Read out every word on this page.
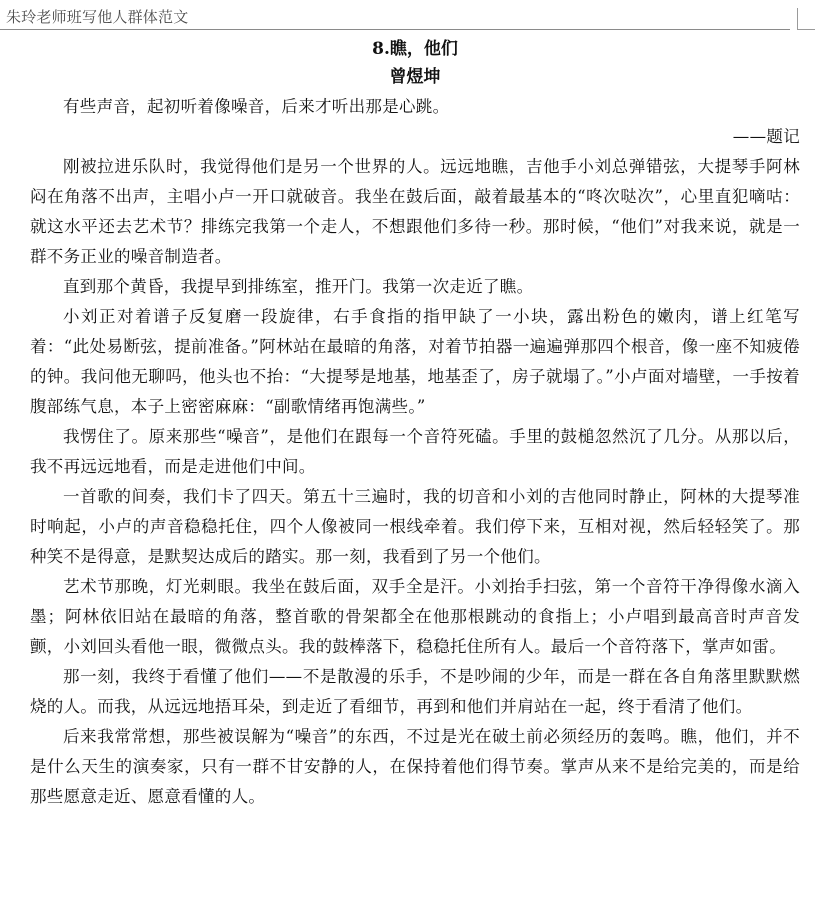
朱玲老师班写他人群体范文

8.瞧，他们

曾煜坤

有些声音，起初听着像噪音，后来才听出那是心跳。

——题记

刚被拉进乐队时，我觉得他们是另一个世界的人。远远地瞧，吉他手小刘总弹错弦，大提琴手阿林闷在角落不出声，主唱小卢一开口就破音。我坐在鼓后面，敲着最基本的“咚次哒次”，心里直犯嘀咕：就这水平还去艺术节？排练完我第一个走人，不想跟他们多待一秒。那时候，“他们”对我来说，就是一群不务正业的噪音制造者。

直到那个黄昏，我提早到排练室，推开门。我第一次走近了瞧。

小刘正对着谱子反复磨一段旋律，右手食指的指甲缺了一小块，露出粉色的嫩肉，谱上红笔写着：“此处易断弦，提前准备。”阿林站在最暗的角落，对着节拍器一遍遍弹那四个根音，像一座不知疲倦的钟。我问他无聊吗，他头也不抬：“大提琴是地基，地基歪了，房子就塌了。”小卢面对墙壁，一手按着腹部练气息，本子上密密麻麻：“副歌情绪再饱满些。”

我愣住了。原来那些“噪音”，是他们在跟每一个音符死磕。手里的鼓槌忽然沉了几分。从那以后，我不再远远地看，而是走进他们中间。

一首歌的间奏，我们卡了四天。第五十三遍时，我的切音和小刘的吉他同时静止，阿林的大提琴准时响起，小卢的声音稳稳托住，四个人像被同一根线牵着。我们停下来，互相对视，然后轻轻笑了。那种笑不是得意，是默契达成后的踏实。那一刻，我看到了另一个他们。

艺术节那晚，灯光刺眼。我坐在鼓后面，双手全是汗。小刘抬手扫弦，第一个音符干净得像水滴入墨；阿林依旧站在最暗的角落，整首歌的骨架都全在他那根跳动的食指上；小卢唱到最高音时声音发颤，小刘回头看他一眼，微微点头。我的鼓棒落下，稳稳托住所有人。最后一个音符落下，掌声如雷。

那一刻，我终于看懂了他们——不是散漫的乐手，不是吵闹的少年，而是一群在各自角落里默默燃烧的人。而我，从远远地捂耳朵，到走近了看细节，再到和他们并肩站在一起，终于看清了他们。

后来我常常想，那些被误解为“噪音”的东西，不过是光在破土前必须经历的轰鸣。瞧，他们，并不是什么天生的演奏家，只有一群不甘安静的人，在保持着他们得节奏。掌声从来不是给完美的，而是给那些愿意走近、愿意看懂的人。
